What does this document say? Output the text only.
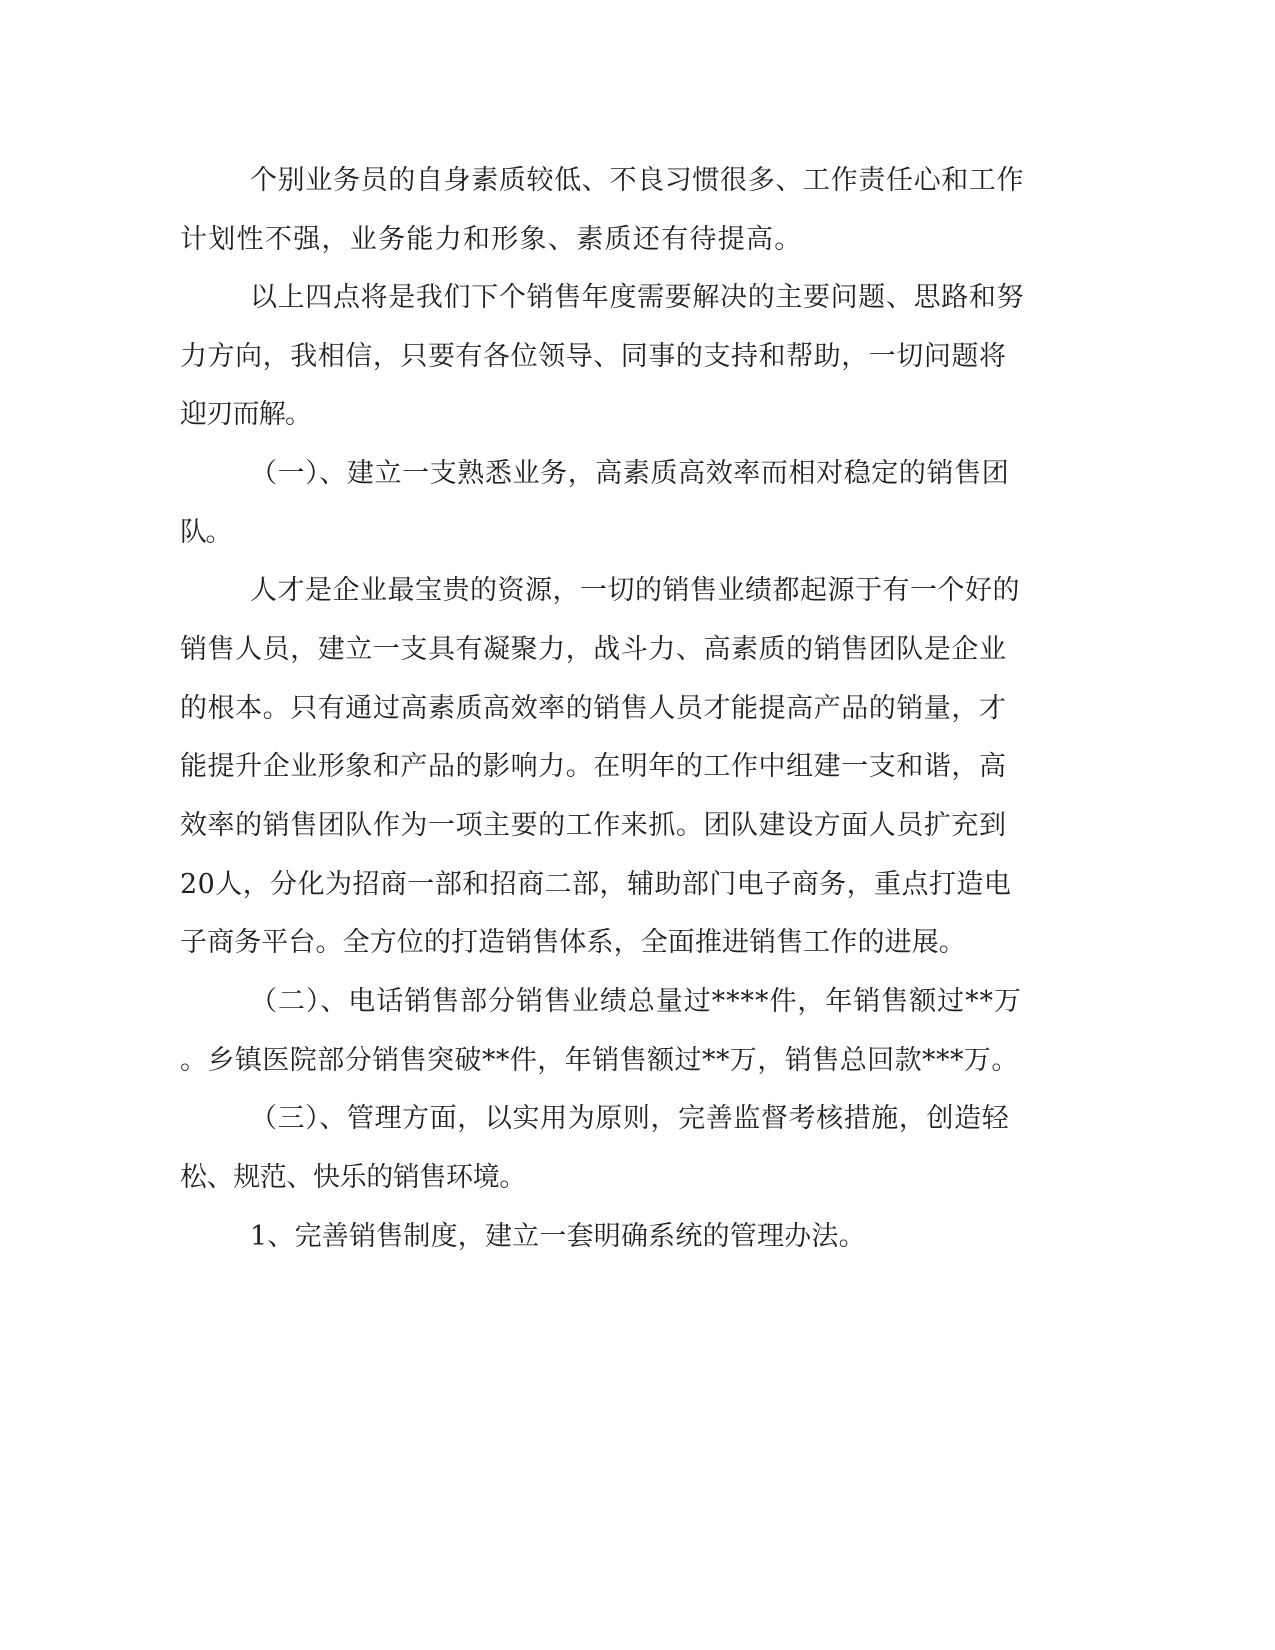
个别业务员的自身素质较低、不良习惯很多、工作责任心和工作

计划性不强，业务能力和形象、素质还有待提高。

以上四点将是我们下个销售年度需要解决的主要问题、思路和努

力方向，我相信，只要有各位领导、同事的支持和帮助，一切问题将

迎刃而解。

（一）、建立一支熟悉业务，高素质高效率而相对稳定的销售团

队。

人才是企业最宝贵的资源，一切的销售业绩都起源于有一个好的

销售人员，建立一支具有凝聚力，战斗力、高素质的销售团队是企业

的根本。只有通过高素质高效率的销售人员才能提高产品的销量，才

能提升企业形象和产品的影响力。在明年的工作中组建一支和谐，高

效率的销售团队作为一项主要的工作来抓。团队建设方面人员扩充到

20人，分化为招商一部和招商二部，辅助部门电子商务，重点打造电

子商务平台。全方位的打造销售体系，全面推进销售工作的进展。

（二）、电话销售部分销售业绩总量过****件，年销售额过**万

。乡镇医院部分销售突破**件，年销售额过**万，销售总回款***万。

（三）、管理方面，以实用为原则，完善监督考核措施，创造轻

松、规范、快乐的销售环境。

1、完善销售制度，建立一套明确系统的管理办法。
